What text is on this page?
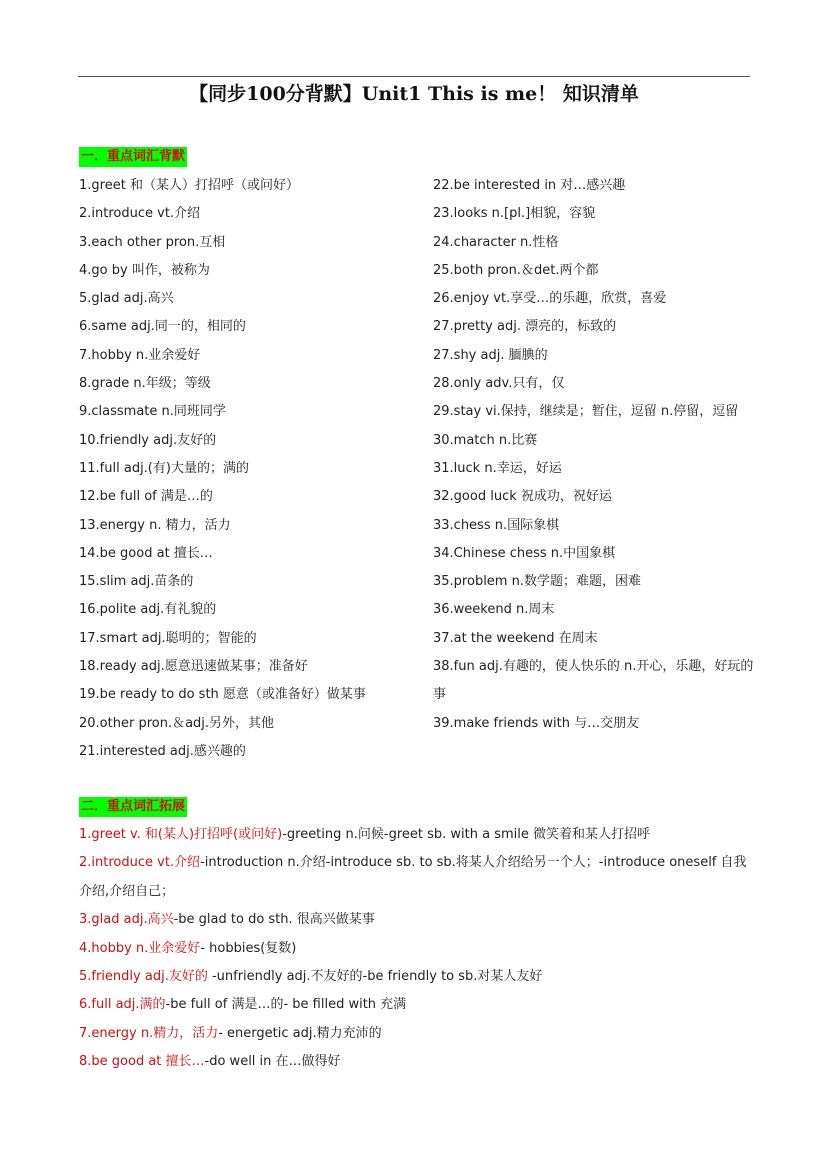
【同步100分背默】Unit1 This is me！ 知识清单
一．重点词汇背默
1.greet 和（某人）打招呼（或问好）
2.introduce vt.介绍
3.each other pron.互相
4.go by 叫作，被称为
5.glad adj.高兴
6.same adj.同一的，相同的
7.hobby n.业余爱好
8.grade n.年级；等级
9.classmate n.同班同学
10.friendly adj.友好的
11.full adj.(有)大量的；满的
12.be full of 满是…的
13.energy n. 精力，活力
14.be good at 擅长…
15.slim adj.苗条的
16.polite adj.有礼貌的
17.smart adj.聪明的；智能的
18.ready adj.愿意迅速做某事；准备好
19.be ready to do sth 愿意（或准备好）做某事
20.other pron.＆adj.另外，其他
21.interested adj.感兴趣的
22.be interested in 对…感兴趣
23.looks n.[pl.]相貌，容貌
24.character n.性格
25.both pron.＆det.两个都
26.enjoy vt.享受…的乐趣，欣赏，喜爱
27.pretty adj. 漂亮的，标致的
27.shy adj. 腼腆的
28.only adv.只有，仅
29.stay vi.保持，继续是；暂住，逗留 n.停留，逗留
30.match n.比赛
31.luck n.幸运，好运
32.good luck 祝成功，祝好运
33.chess n.国际象棋
34.Chinese chess n.中国象棋
35.problem n.数学题；难题，困难
36.weekend n.周末
37.at the weekend 在周末
38.fun adj.有趣的，使人快乐的 n.开心，乐趣，好玩的事
39.make friends with 与…交朋友
二．重点词汇拓展
1.greet v. 和(某人)打招呼(或问好)-greeting n.问候-greet sb. with a smile 微笑着和某人打招呼
2.introduce vt.介绍-introduction n.介绍-introduce sb. to sb.将某人介绍给另一个人；-introduce oneself 自我介绍,介绍自己；
3.glad adj.高兴-be glad to do sth. 很高兴做某事
4.hobby n.业余爱好- hobbies(复数)
5.friendly adj.友好的 -unfriendly adj.不友好的-be friendly to sb.对某人友好
6.full adj.满的-be full of 满是…的- be filled with 充满
7.energy n.精力，活力- energetic adj.精力充沛的
8.be good at 擅长…-do well in 在…做得好
